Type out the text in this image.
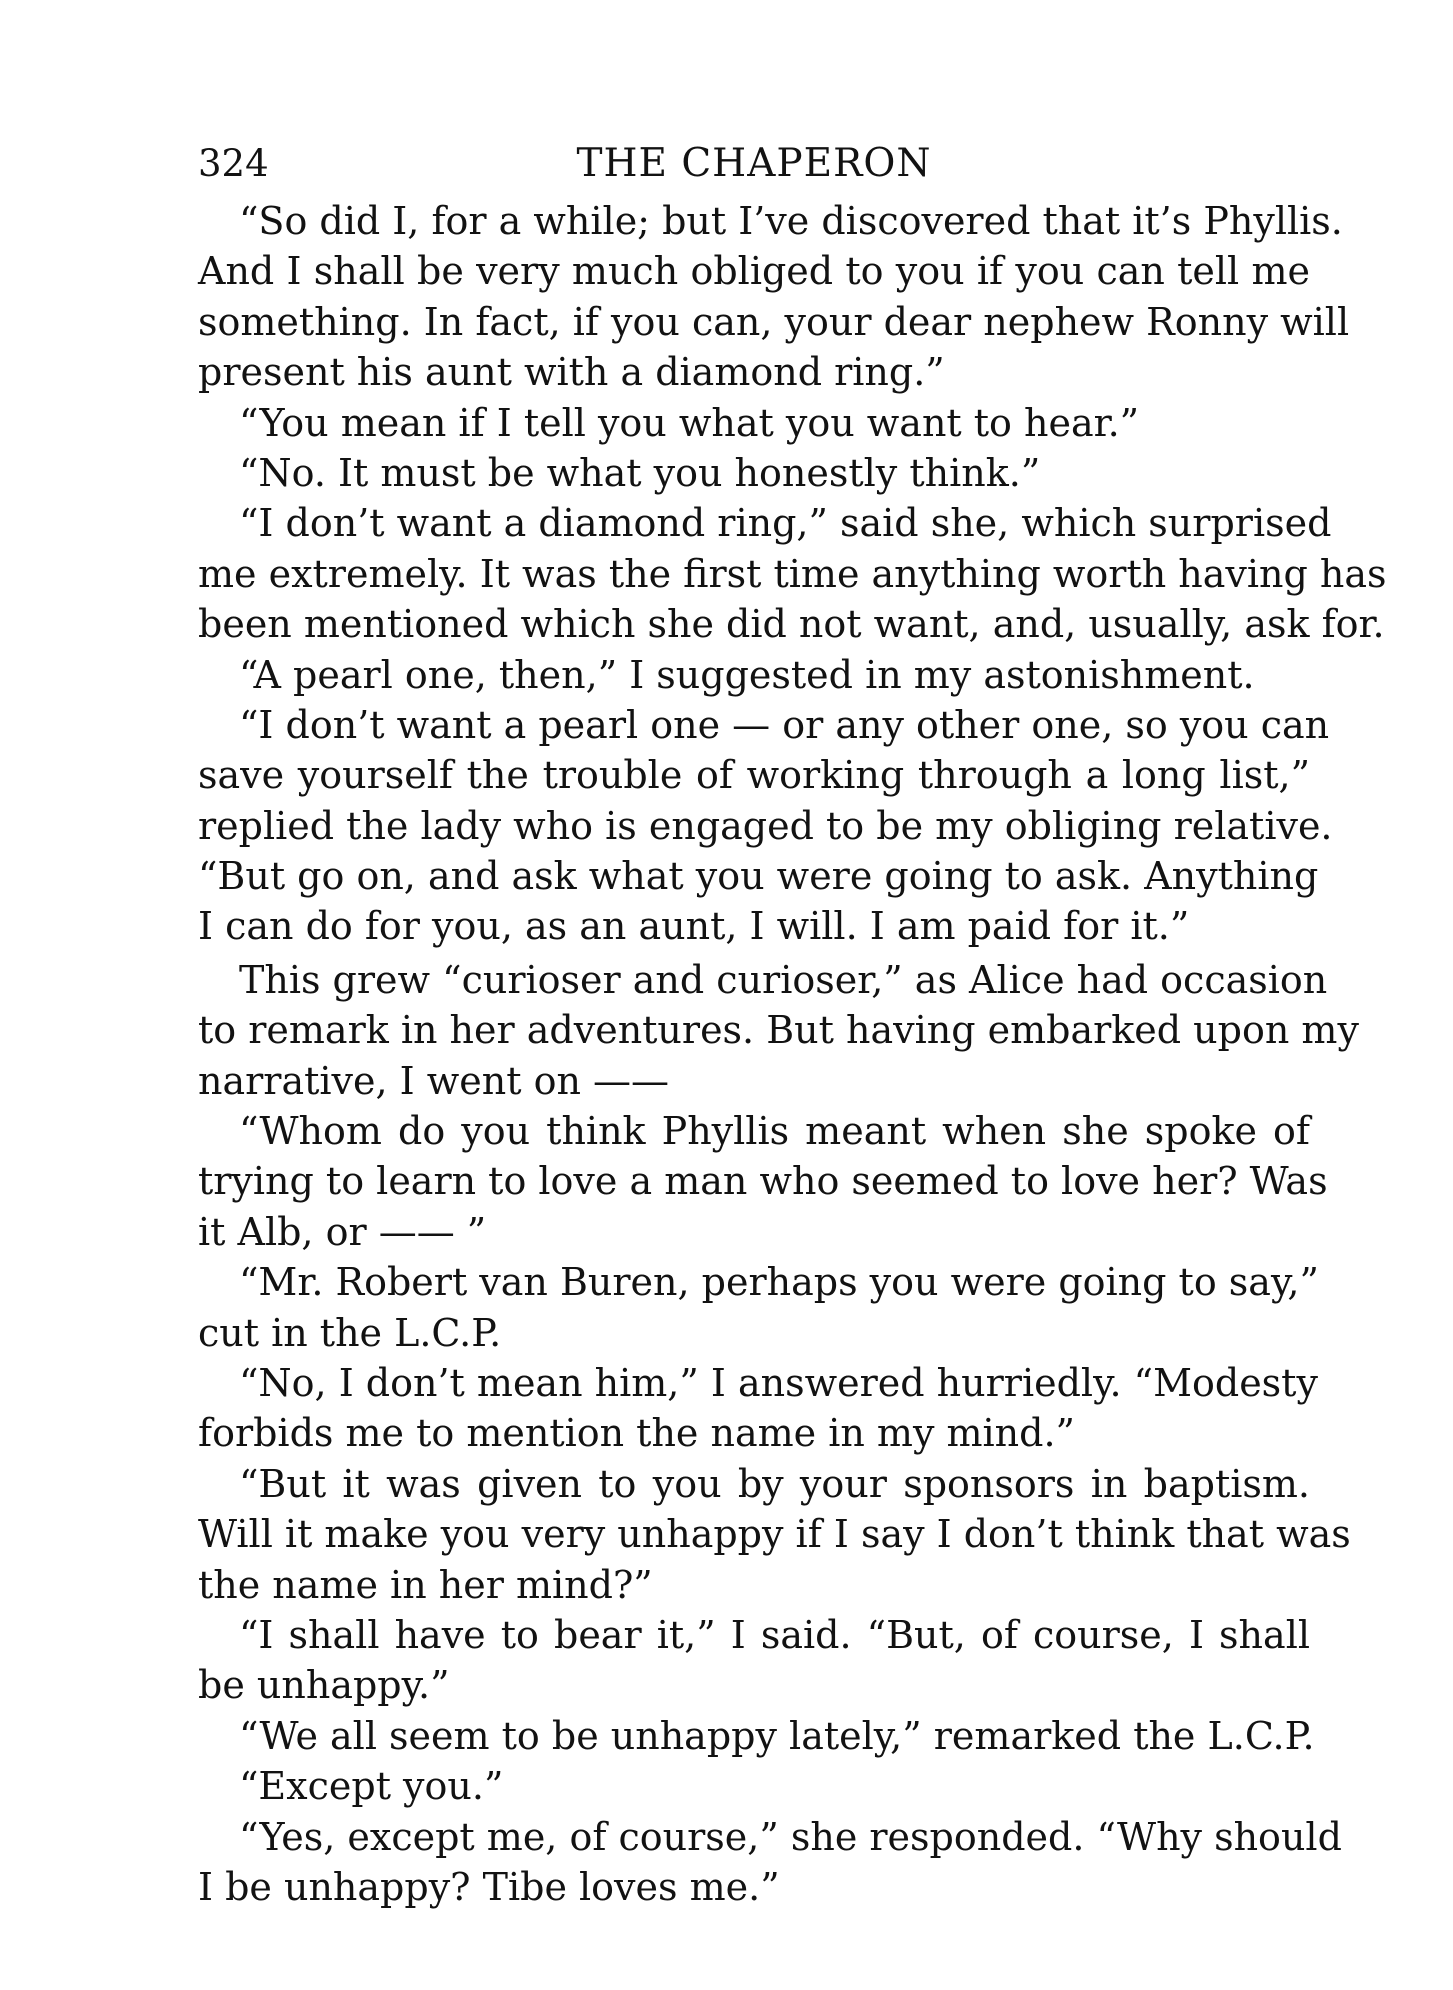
324	THE CHAPERON
“So did I, for a while; but I’ve discovered that it’s Phyllis.
And I shall be very much obliged to you if you can tell me
something. In fact, if you can, your dear nephew Ronny will
present his aunt with a diamond ring.”
“You mean if I tell you what you want to hear.”
“No. It must be what you honestly think.”
“I don’t want a diamond ring,” said she, which surprised
me extremely. It was the first time anything worth having has
been mentioned which she did not want, and, usually, ask for.
“A pearl one, then,” I suggested in my astonishment.
“I don’t want a pearl one — or any other one, so you can
save yourself the trouble of working through a long list,”
replied the lady who is engaged to be my obliging relative.
“But go on, and ask what you were going to ask. Anything
I can do for you, as an aunt, I will. I am paid for it.”
This grew “curioser and curioser,” as Alice had occasion
to remark in her adventures. But having embarked upon my
narrative, I went on ——
“Whom do you think Phyllis meant when she spoke of
trying to learn to love a man who seemed to love her? Was
it Alb, or —— ”
“Mr. Robert van Buren, perhaps you were going to say,”
cut in the L.C.P.
“No, I don’t mean him,” I answered hurriedly. “Modesty
forbids me to mention the name in my mind.”
“But it was given to you by your sponsors in baptism.
Will it make you very unhappy if I say I don’t think that was
the name in her mind?”
“I shall have to bear it,” I said. “But, of course, I shall
be unhappy.”
“We all seem to be unhappy lately,” remarked the L.C.P.
“Except you.”
“Yes, except me, of course,” she responded. “Why should
I be unhappy? Tibe loves me.”
